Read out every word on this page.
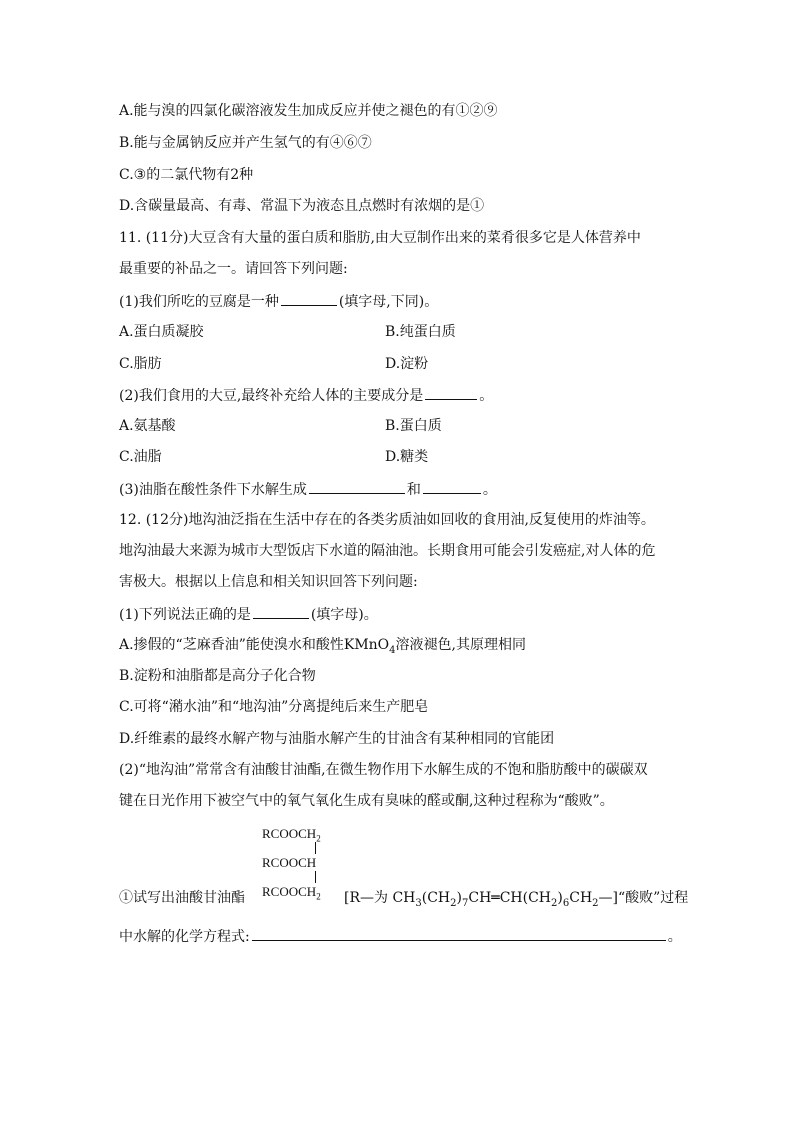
A.能与溴的四氯化碳溶液发生加成反应并使之褪色的有①②⑨
B.能与金属钠反应并产生氢气的有④⑥⑦
C.③的二氯代物有2种
D.含碳量最高、有毒、常温下为液态且点燃时有浓烟的是①
11. (11分)大豆含有大量的蛋白质和脂肪,由大豆制作出来的菜肴很多它是人体营养中
最重要的补品之一。请回答下列问题:
(1)我们所吃的豆腐是一种	(填字母,下同)。
A.蛋白质凝胶	B.纯蛋白质
C.脂肪	D.淀粉
(2)我们食用的大豆,最终补充给人体的主要成分是	。
A.氨基酸	B.蛋白质
C.油脂	D.糖类
(3)油脂在酸性条件下水解生成	和	。
12. (12分)地沟油泛指在生活中存在的各类劣质油如回收的食用油,反复使用的炸油等。
地沟油最大来源为城市大型饭店下水道的隔油池。长期食用可能会引发癌症,对人体的危
害极大。根据以上信息和相关知识回答下列问题:
(1)下列说法正确的是	(填字母)。
A.掺假的“芝麻香油”能使溴水和酸性KMnO$_4$溶液褪色,其原理相同
B.淀粉和油脂都是高分子化合物
C.可将“潲水油”和“地沟油”分离提纯后来生产肥皂
D.纤维素的最终水解产物与油脂水解产生的甘油含有某种相同的官能团
(2)“地沟油”常常含有油酸甘油酯,在微生物作用下水解生成的不饱和脂肪酸中的碳碳双
键在日光作用下被空气中的氧气氧化生成有臭味的醛或酮,这种过程称为“酸败”。
$RCOOCH_2$
RCOOCH
$RCOOCH_2$
①试写出油酸甘油酯	[R—为 $CH_3(CH_2)_7CH═CH(CH_2)_6CH_2—]“$酸败”过程
中水解的化学方程式:	。
